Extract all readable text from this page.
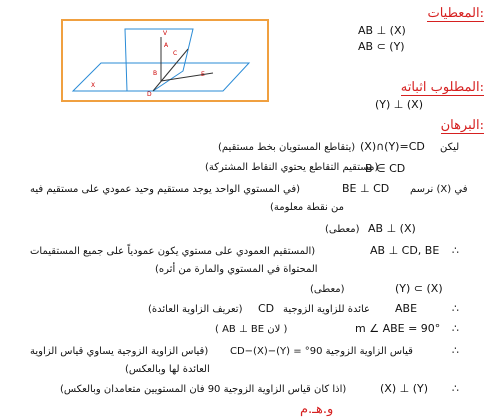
V
A
C
B	E
X
D
المعطيات:
AB ⊥ (X)
AB ⊂ (Y)
المطلوب اثباته:
(Y) ⊥ (X)
البرهان:
ليكن
(X)∩(Y)=CD
(يتقاطع المستويان بخط مستقيم)
(مستقيم التقاطع يحتوي النقاط المشتركة)
B ∈ CD
في (X) نرسم
BE ⊥ CD
(في المستوي الواحد يوجد مستقيم وحيد عمودي على مستقيم فيه
من نقطة معلومة)
(معطى) AB ⊥ (X)
∴
AB ⊥ CD, BE
(المستقيم العمودي على مستوي يكون عمودياً على جميع المستقيمات
المحتواة في المستوي والمارة من أثره)
(معطى)	(Y) ⊂ (X)
∴
ABE
عائدة للزاوية الزوجية
CD
(تعريف الزاوية العائدة)
∴
m ∠ ABE = 90°
( لان AB ⊥ BE )
∴
قياس الزاوية الزوجية 90° = (Y)−CD−(X)
(قياس الزاوية الزوجية يساوي قياس الزاوية
العائدة لها وبالعكس)
∴
(X) ⊥ (Y)
(اذا كان قياس الزاوية الزوجية 90 فان المستويين متعامدان وبالعكس)
و.هـ.م
